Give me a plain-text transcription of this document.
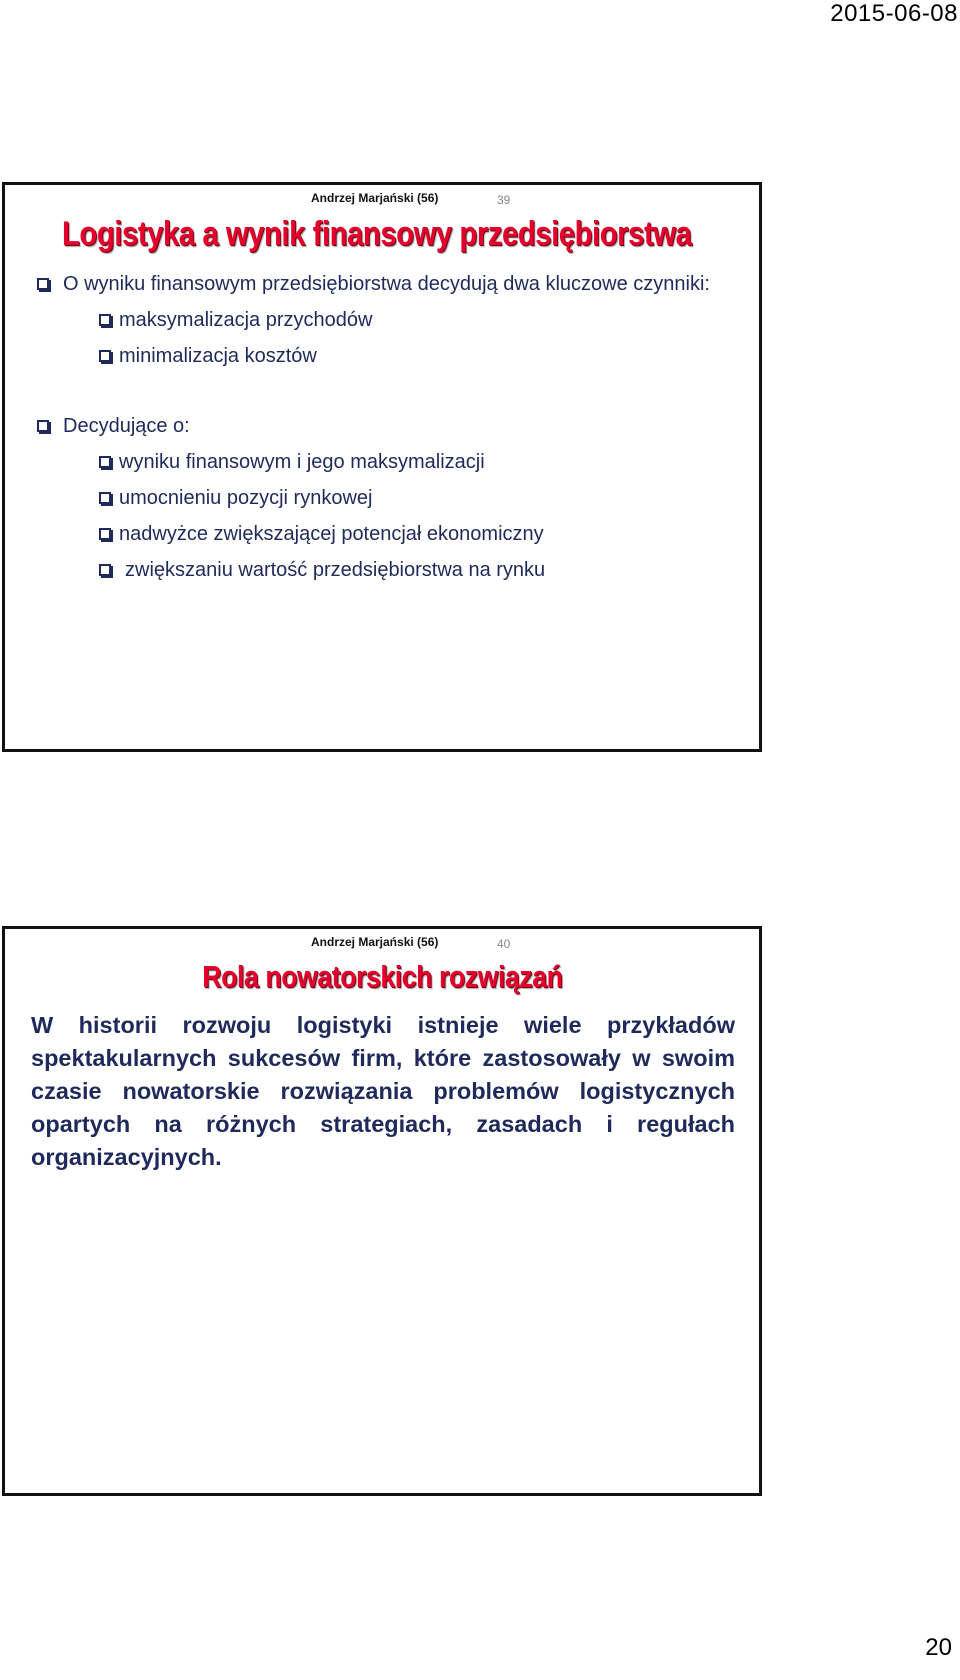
2015-06-08
Andrzej Marjański (56)	39
Logistyka a wynik finansowy przedsiębiorstwa
O wyniku finansowym przedsiębiorstwa decydują dwa kluczowe czynniki:
maksymalizacja przychodów
minimalizacja kosztów
Decydujące o:
wyniku finansowym i jego maksymalizacji
umocnieniu pozycji rynkowej
nadwyżce zwiększającej potencjał ekonomiczny
zwiększaniu wartość przedsiębiorstwa na rynku
Andrzej Marjański (56)	40
Rola nowatorskich rozwiązań
W historii rozwoju logistyki istnieje wiele przykładów spektakularnych sukcesów firm, które zastosowały w swoim czasie nowatorskie rozwiązania problemów logistycznych opartych na różnych strategiach, zasadach i regułach organizacyjnych.
20
